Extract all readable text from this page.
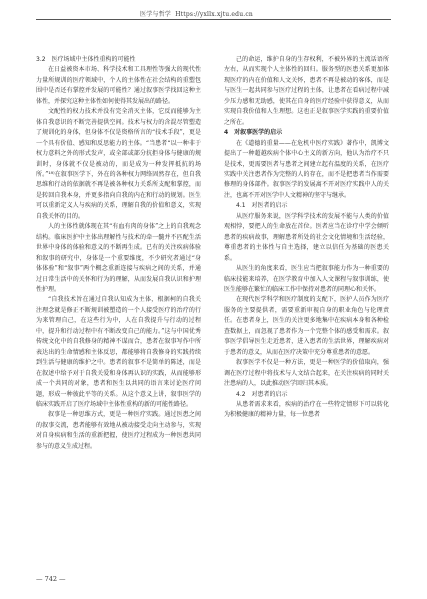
医学与哲学 Https://yxllx.xjtu.edu.cn

3.2　医疗场域中主体性重构的可能性

在日益被资本市场、科学技术和工具理性等强大的现代性力量所规训的医疗领域中，个人的主体性在社会结构的重塑包围中是否还有掌控并发展的可能性？通过叙事医学找回这种主体性，并探究这种主体性如何使得其发展出的路径。

文配性的权力技术并没有完全消灭主体，它反而能够为主体自我意识的不断完善提供空间。技术与权力的含混尽管塑造了规训化的身体，但身体不仅是资格所言的“技术手段”，更是一个具有价值、感知和反思能力的主体。“当患者“以一种非于权力意料之外的形式发声，或全部或部分抗拒身体与健康的规训时，身体就不仅是被动的，而是成为一种发挥抵抗的场所。”¹⁸⁾在叙事医学下，外在的各种权力网络固然存在，但自我思维和行动的依据就不再是被各种权力关系所支配和掌控，而是转回自我本身，并更多指向自我的内在和行动的规划。医生可以重新定义人与疾病的关系，理解自我的价值和意义，实现自我关怀的目的。

人的主体性就体现在其“有血有肉的身体”之上的自我观念结构。临床医护中主体出理解性与技术的牵一髓并不匹配生活世界中身体的体验和意义的不断再生成。已有的关注疾病体验和叙事的研究中，身体是一个重要维度，不少研究者通过“身体体验”和“叙事”两个概念重新连接与疾病之间的关系，并通过日常生活中的关怀和行为的理解，从而发展自我认识和护理性护理。

“自我技术旨在通过自我认知成为主体，根据柯的自我关注理念就是修正不断规训被塑造的一个人接受医疗的治疗的行为来管理自己，在这些行为中，人在自我提升与行动的过程中，提升和行动过程中有不断改变自己的能力。”这与中国优秀传统文化中的自我修身的精神不谋而合，患者在叙事写作中所表达出的生命情感和主体反思，都能够将自我修身的实践持续到生活与健康的维护之中。患者的叙事不是简单的陈述，而是在叙述中给予对于自我关爱和身体再认识的实践，从而能够形成一个共同的对象，患者和医生以共同的语言来讨论医疗问题，形成一种彼此平等的关系。从这个意义上讲，叙事医学的临床实践开启了医疗场域中主体性重构的新的可能性路径。

叙事是一种思维方式，更是一种医疗实践。通过医患之间的叙事交流，患者能够有效地从被动接受走向主动参与，实现对自身疾病和生活的重新把握，使医疗过程成为一种医患共同参与的意义生成过程。

己的命运，维护自身的生存权利，不被外界的主流话语所左右，从而实现个人主体性的回归。服务型的医患关系更加体现医疗的内在价值和人文关怀，患者不再是被动的客体，而是与医生一起共同参与医疗过程的主体，让患者在看病过程中减少压力感和无助感，使其在自身的医疗经验中获得意义，从而实现自我价值和人生理想。这也正是叙事医学实践的重要价值之所在。

4　对叙事医学的启示

在《道德的重量——在危机中医疗实践》著作中，凯博文提出了一种超越疾病个体中心主义的新方向，他认为治疗不只是技术，更需要医者与患者之间建立起有温度的关系，在医疗实践中关注患者作为完整的人的存在，而不是把患者当作需要修理的身体部件。叙事医学的发展离不开对医疗实践中人的关注，也离不开对医学中人文精神的坚守与继承。

4.1　对医者的启示

从医疗服务来说，医学科学技术的发展不能与人类的价值观相悖，要把人的生命放在首位。医者应当在诊疗中学会倾听患者的疾病故事，理解患者所处的社会文化情境和生活经验，尊重患者的主体性与自主选择，建立以信任为基础的医患关系。

从医生的角度来看，医生应当把叙事能力作为一种重要的临床技能来培养，在医学教育中加入人文课程与叙事训练，使医生能够在繁忙的临床工作中保持对患者的同理心和关怀。

在现代医学科学和医疗制度的支配下，医护人员作为医疗服务的主要提供者，需要重新审视自身的职业角色与伦理责任。在患者身上，医生的关注更多地集中在疾病本身和各种检查数据上，而忽视了患者作为一个完整个体的感受和需求。叙事医学倡导医生走近患者，进入患者的生活世界，理解疾病对于患者的意义，从而在医疗决策中充分尊重患者的意愿。

叙事医学不仅是一种方法，更是一种医学的价值取向，强调在医疗过程中将技术与人文结合起来，在关注疾病的同时关注患病的人，以此推动医学回归其本质。

4.2　对患者的启示

从患者需求来看，疾病的治疗在一些特定情形下可以转化为积极健康的精神力量，每一位患者

— 742 —
